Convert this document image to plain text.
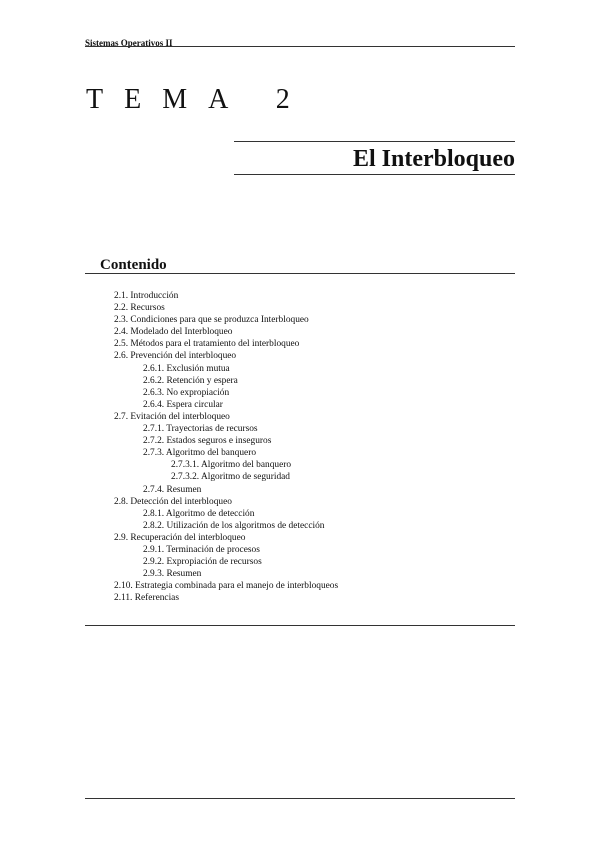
Sistemas Operativos II
TEMA 2
El Interbloqueo
Contenido
2.1. Introducción
2.2. Recursos
2.3. Condiciones para que se produzca Interbloqueo
2.4. Modelado del Interbloqueo
2.5. Métodos para el tratamiento del interbloqueo
2.6. Prevención del interbloqueo
2.6.1. Exclusión mutua
2.6.2. Retención y espera
2.6.3. No expropiación
2.6.4. Espera circular
2.7. Evitación del interbloqueo
2.7.1. Trayectorias de recursos
2.7.2. Estados seguros e inseguros
2.7.3. Algoritmo del banquero
2.7.3.1. Algoritmo del banquero
2.7.3.2. Algoritmo de seguridad
2.7.4. Resumen
2.8. Detección del interbloqueo
2.8.1. Algoritmo de detección
2.8.2. Utilización de los algoritmos de detección
2.9. Recuperación del interbloqueo
2.9.1. Terminación de procesos
2.9.2. Expropiación de recursos
2.9.3. Resumen
2.10. Estrategia combinada para el manejo de interbloqueos
2.11. Referencias
